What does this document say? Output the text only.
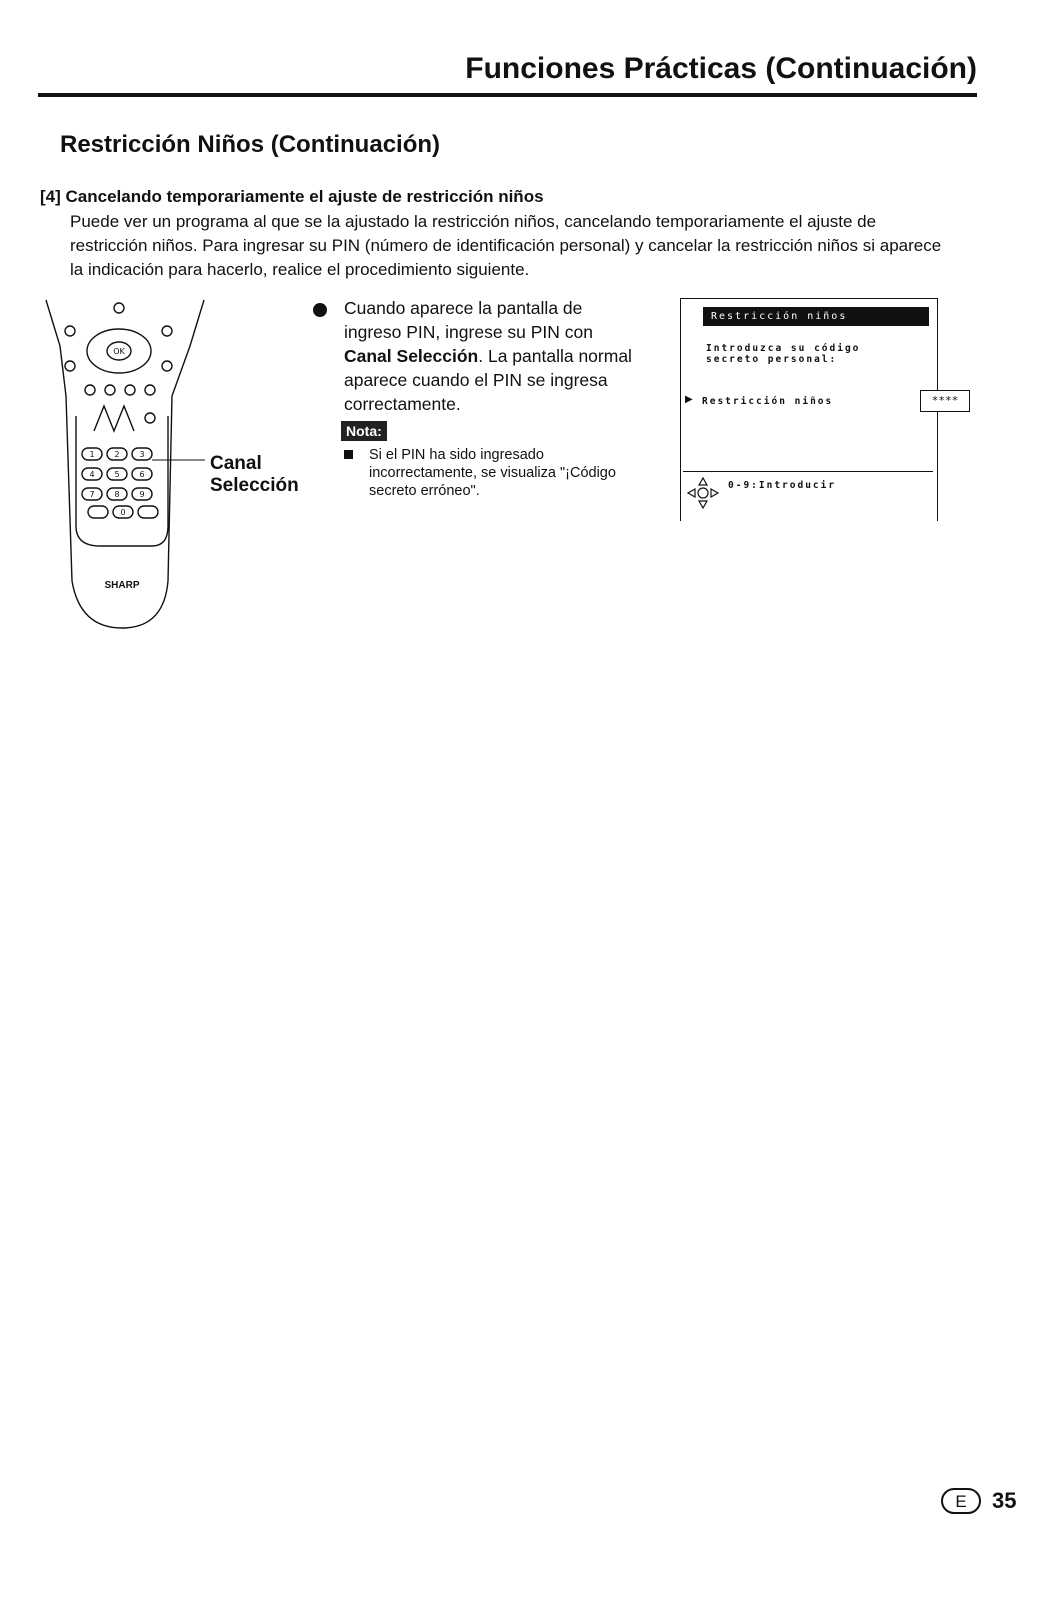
Funciones Prácticas (Continuación)
Restricción Niños (Continuación)
[4] Cancelando temporariamente el ajuste de restricción niños
Puede ver un programa al que se la ajustado la restricción niños, cancelando temporariamente el ajuste de restricción niños. Para ingresar su PIN (número de identificación personal) y cancelar la restricción niños si aparece la indicación para hacerlo, realice el procedimiento siguiente.
OK
1 2 3
4 5 6
7 8 9
0
SHARP
Canal
Selección
Cuando aparece la pantalla de ingreso PIN, ingrese su PIN con Canal Selección. La pantalla normal aparece cuando el PIN se ingresa correctamente.
Nota:
Si el PIN ha sido ingresado incorrectamente, se visualiza "¡Código secreto erróneo".
Restricción niños
Introduzca su código
secreto personal:
▶ Restricción niños	****
0-9:Introducir
E 35
